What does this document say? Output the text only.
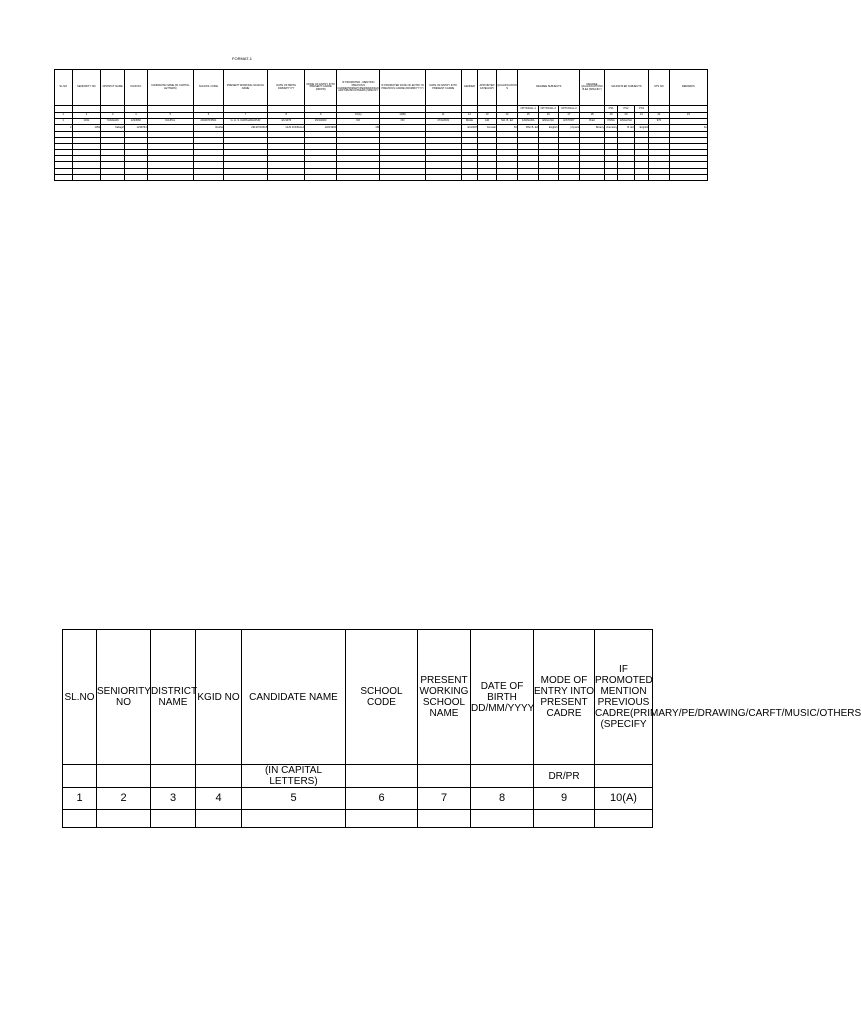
FORMAT-1
SL.NO	SENIORITY NO	DISTRICT NAME	KGID NO	CANDIDATE NAME (IN CAPITAL LETTERS)	SCHOOL CODE	PRESENT WORKING SCHOOL NAME	DATE OF BIRTH DD/MM/YYYY	MODE OF ENTRY INTO PRESENT CADRE (DR/PR)	IF PROMOTED - MENTION PREVIOUS CADRE(PRIMARY/PE/DRAWING/CARFT/MUSIC/OTHERS (SPECIFY	IF PROMOTED DATE OF ENTRY IN PREVIOUS CADRE (DD/MM/YYYY)	DATE OF ENTRY INTO PRESENT CADRE	GENDER	APPOINTED CATEGORY	QUALIFICATIONS	DEGREE SUBJECTS			DEGREE QUALIFICATIONS B.Ed (SPECIFY)	MAJOR B.ED SUBJECTS			STS NO	REMARKS
															OPTIONAL-1	OPTIONAL-2	OPTIONAL-3		PS1	PS2	PS3		
1	2	3	4	5	6	7	8	9	10(A)	10(B)	11	12	13	14	15	16	17	18	19	20	21	22	23
1	1031	YADAGIRI	1234560	RAJPAL	29130715501	G. H. S. DARSHANAPUR	4/1/1976	25/4/2003	NO	NO	27/4/2003	MALE	GM	MA. B. Ed	KANNADA	ENGLISH	HISTORY	B.Ed	KNNA	ENGLISH		970	
2	1052	Yadagiri	1239764		Rekha	29130704615	GHS KONNALA	13/6/1981	DR			4/1/2007	Female	SC	BSc B. Ed	English	physics	Botany	chemistry	B. Ed	English		Ku

SL.NO	SENIORITY NO	DISTRICT NAME	KGID NO	CANDIDATE NAME	SCHOOL CODE	PRESENT WORKING SCHOOL NAME	DATE OF BIRTH DD/MM/YYYY	MODE OF ENTRY INTO PRESENT CADRE	IF PROMOTED MENTION PREVIOUS CADRE(PRIMARY/PE/DRAWING/CARFT/MUSIC/OTHERS (SPECIFY
				(IN CAPITAL LETTERS)				DR/PR	
1	2	3	4	5	6	7	8	9	10(A)
